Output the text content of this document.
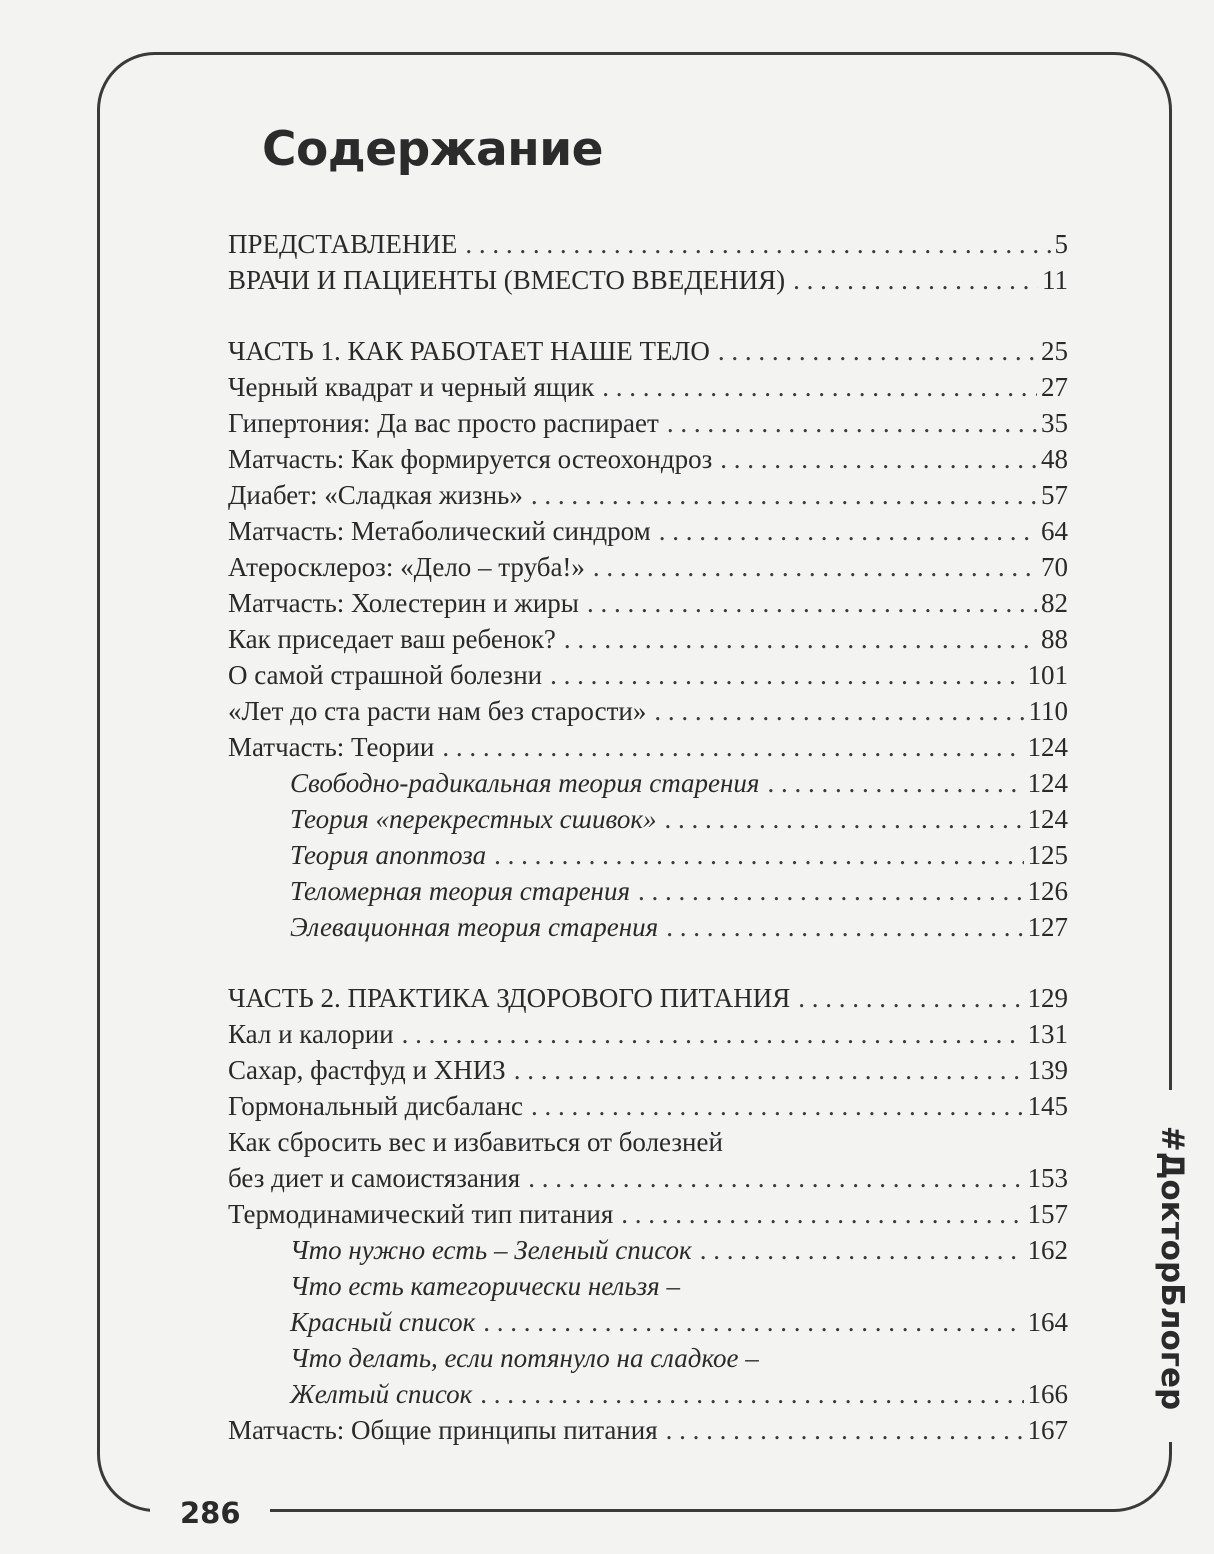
Содержание
ПРЕДСТАВЛЕНИЕ . . .	5
ВРАЧИ И ПАЦИЕНТЫ (ВМЕСТО ВВЕДЕНИЯ) . . .	11
ЧАСТЬ 1. КАК РАБОТАЕТ НАШЕ ТЕЛО . . .	25
Черный квадрат и черный ящик . . .	27
Гипертония: Да вас просто распирает . . .	35
Матчасть: Как формируется остеохондроз . . .	48
Диабет: «Сладкая жизнь» . . .	57
Матчасть: Метаболический синдром . . .	64
Атеросклероз: «Дело – труба!» . . .	70
Матчасть: Холестерин и жиры . . .	82
Как приседает ваш ребенок? . . .	88
О самой страшной болезни . . .	101
«Лет до ста расти нам без старости» . . .	110
Матчасть: Теории . . .	124
Свободно-радикальная теория старения . . .	124
Теория «перекрестных сшивок» . . .	124
Теория апоптоза . . .	125
Теломерная теория старения . . .	126
Элевационная теория старения . . .	127
ЧАСТЬ 2. ПРАКТИКА ЗДОРОВОГО ПИТАНИЯ . . .	129
Кал и калории . . .	131
Сахар, фастфуд и ХНИЗ . . .	139
Гормональный дисбаланс . . .	145
Как сбросить вес и избавиться от болезней
без диет и самоистязания . . .	153
Термодинамический тип питания . . .	157
Что нужно есть – Зеленый список . . .	162
Что есть категорически нельзя –
Красный список . . .	164
Что делать, если потянуло на сладкое –
Желтый список . . .	166
Матчасть: Общие принципы питания . . .	167
#ДокторБлогер
286
